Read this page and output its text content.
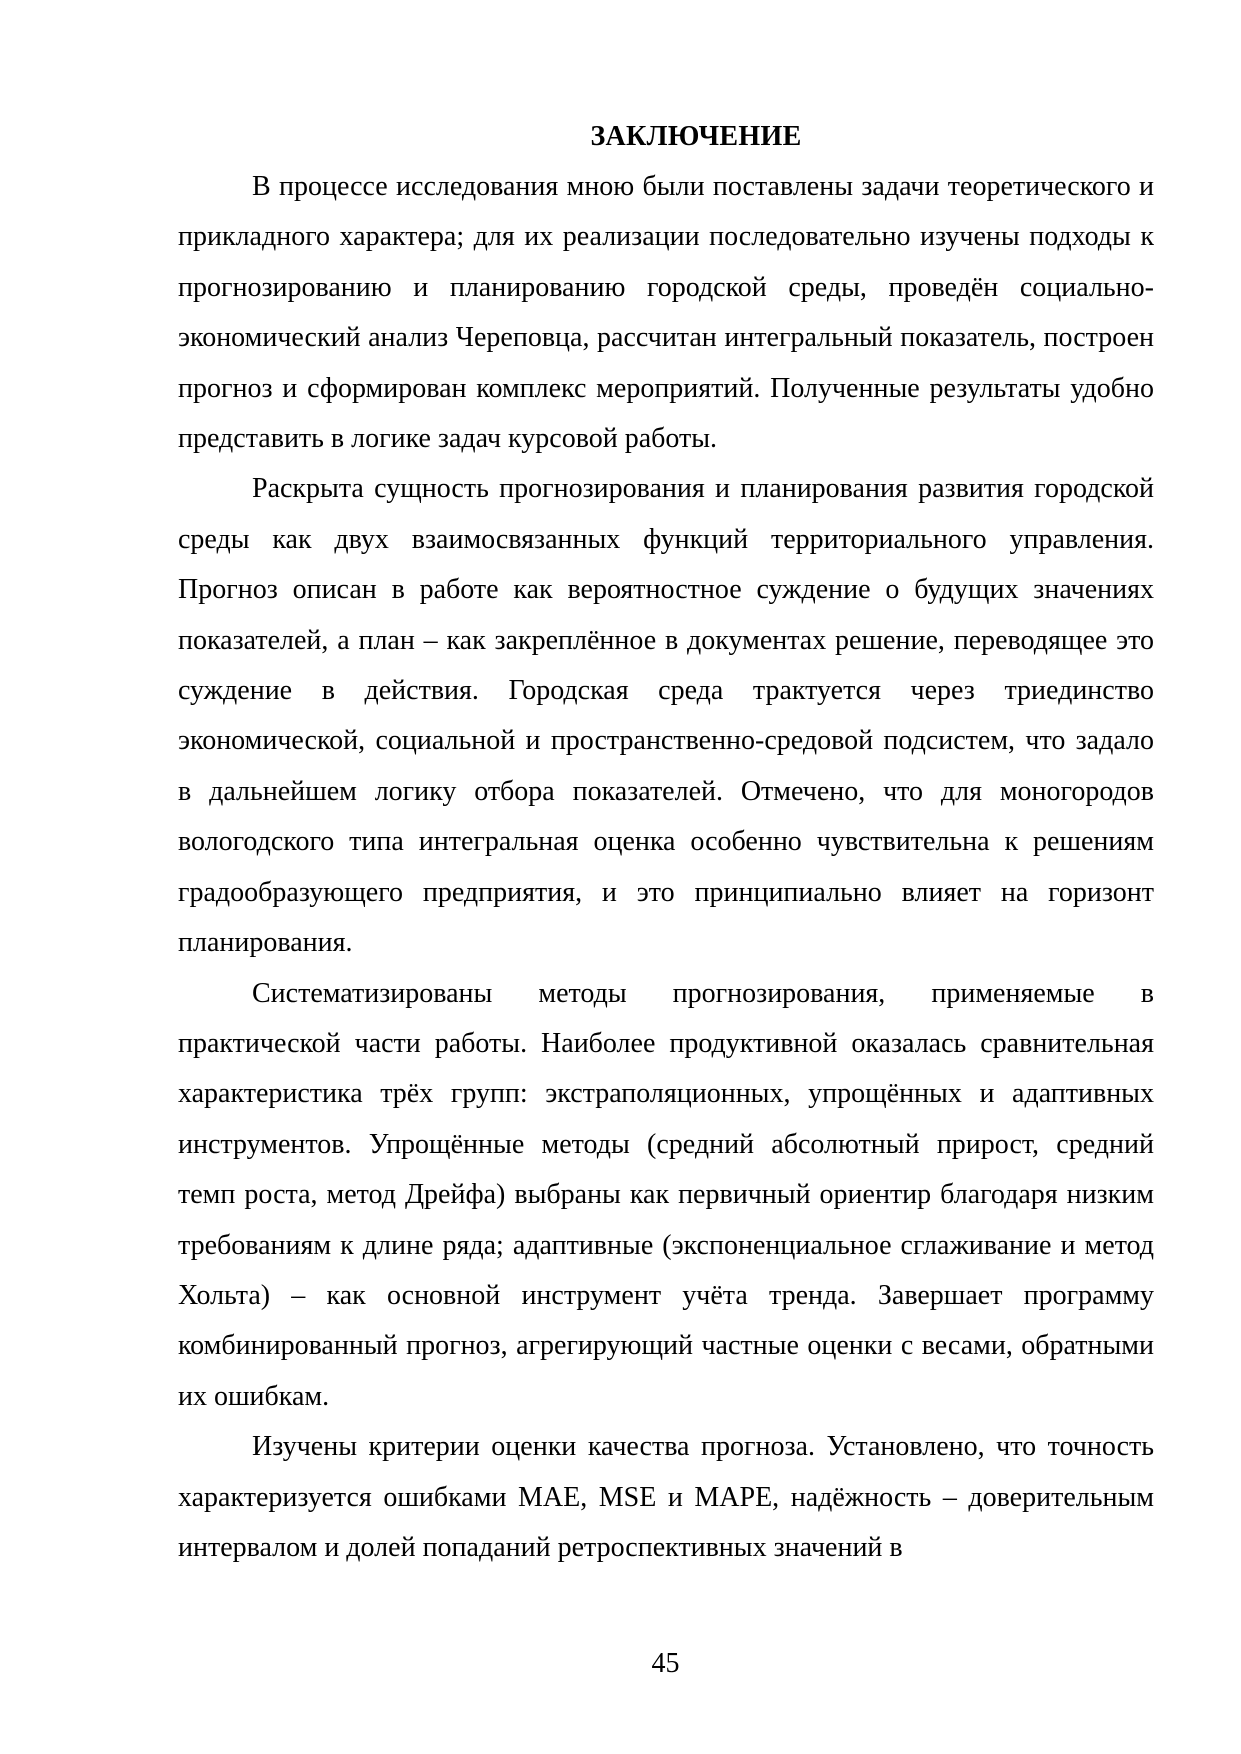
ЗАКЛЮЧЕНИЕ

В процессе исследования мною были поставлены задачи теоретического и прикладного характера; для их реализации последовательно изучены подходы к прогнозированию и планированию городской среды, проведён социально-экономический анализ Череповца, рассчитан интегральный показатель, построен прогноз и сформирован комплекс мероприятий. Полученные результаты удобно представить в логике задач курсовой работы.

Раскрыта сущность прогнозирования и планирования развития городской среды как двух взаимосвязанных функций территориального управления. Прогноз описан в работе как вероятностное суждение о будущих значениях показателей, а план – как закреплённое в документах решение, переводящее это суждение в действия. Городская среда трактуется через триединство экономической, социальной и пространственно-средовой подсистем, что задало в дальнейшем логику отбора показателей. Отмечено, что для моногородов вологодского типа интегральная оценка особенно чувствительна к решениям градообразующего предприятия, и это принципиально влияет на горизонт планирования.

Систематизированы методы прогнозирования, применяемые в практической части работы. Наиболее продуктивной оказалась сравнительная характеристика трёх групп: экстраполяционных, упрощённых и адаптивных инструментов. Упрощённые методы (средний абсолютный прирост, средний темп роста, метод Дрейфа) выбраны как первичный ориентир благодаря низким требованиям к длине ряда; адаптивные (экспоненциальное сглаживание и метод Хольта) – как основной инструмент учёта тренда. Завершает программу комбинированный прогноз, агрегирующий частные оценки с весами, обратными их ошибкам.

Изучены критерии оценки качества прогноза. Установлено, что точность характеризуется ошибками MAE, MSE и MAPE, надёжность – доверительным интервалом и долей попаданий ретроспективных значений в

45
